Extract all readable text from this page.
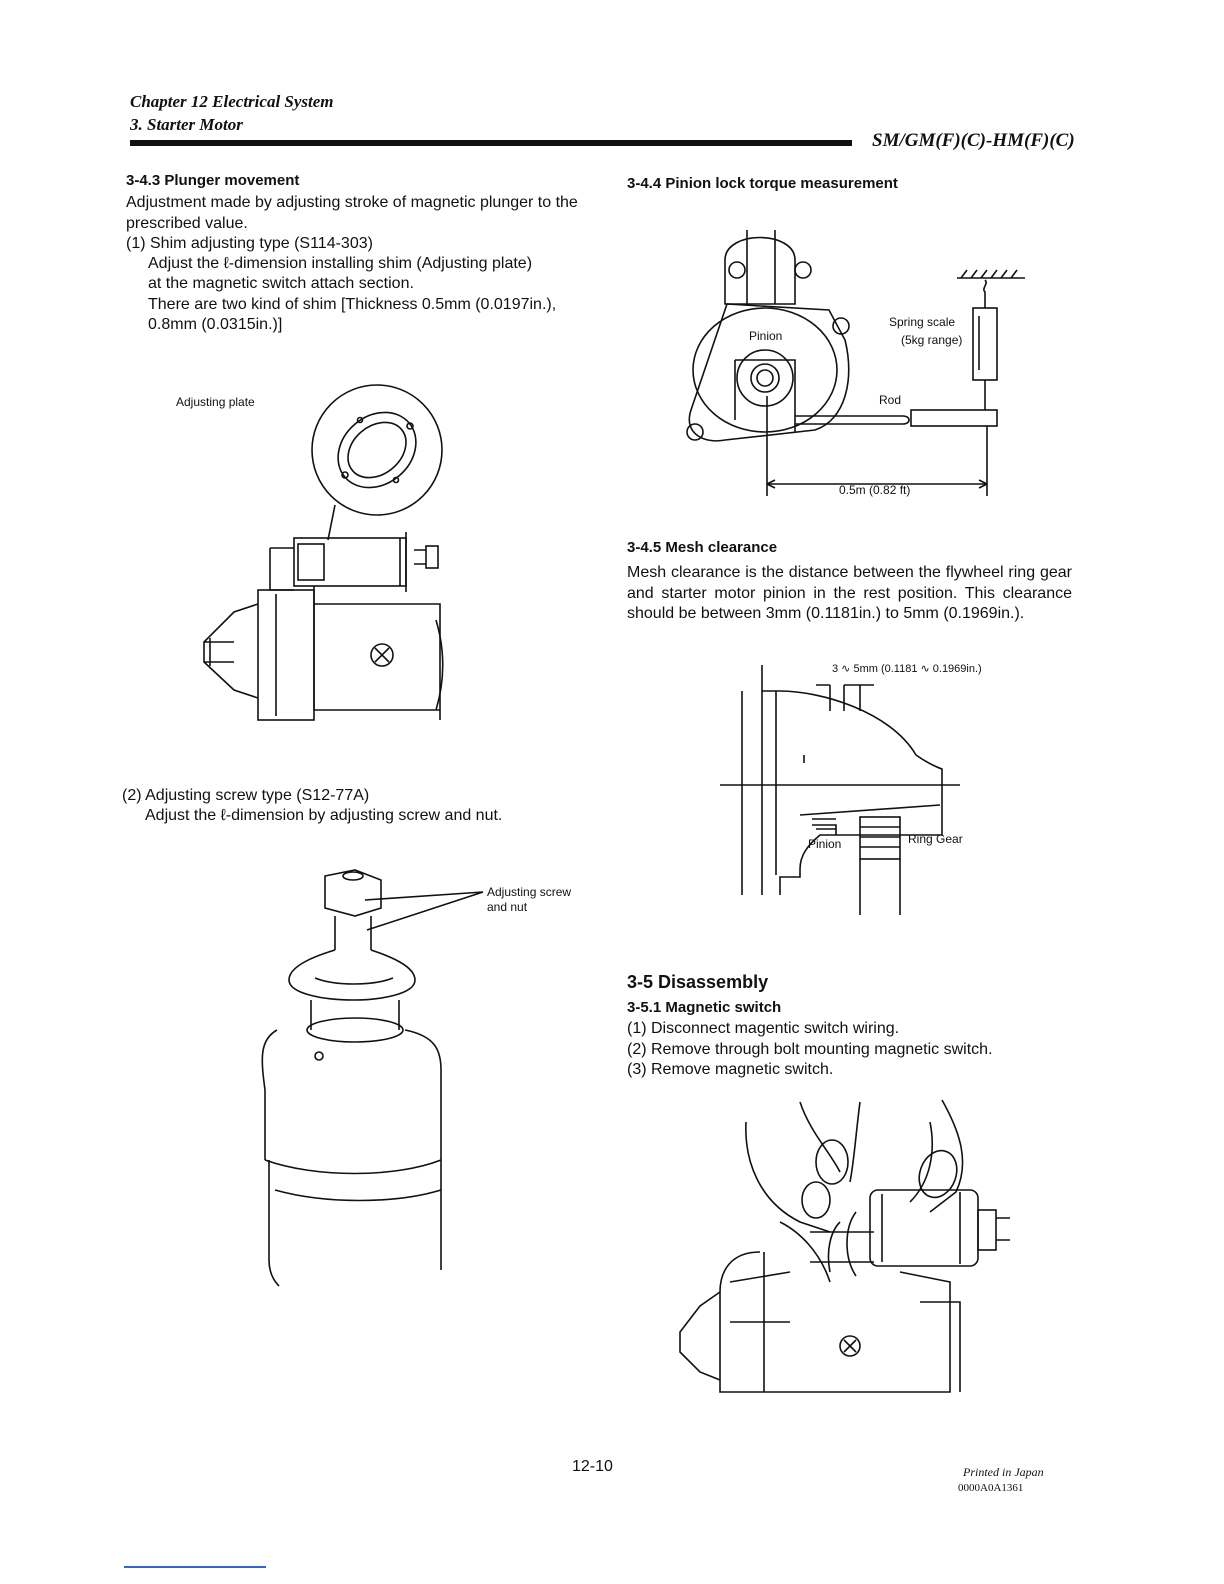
Chapter 12 Electrical System
3. Starter Motor
SM/GM(F)(C)-HM(F)(C)
3-4.3 Plunger movement
Adjustment made by adjusting stroke of magnetic plunger to the prescribed value.
(1) Shim adjusting type (S114-303)
Adjust the ℓ-dimension installing shim (Adjusting plate)
at the magnetic switch attach section.
There are two kind of shim [Thickness 0.5mm (0.0197in.),
0.8mm (0.0315in.)]
Adjusting plate
(2) Adjusting screw type (S12-77A)
Adjust the ℓ-dimension by adjusting screw and nut.
Adjusting screw
and nut
3-4.4 Pinion lock torque measurement
Pinion
Rod
Spring scale
(5kg range)
0.5m (0.82 ft)
3-4.5 Mesh clearance
Mesh clearance is the distance between the flywheel ring gear and starter motor pinion in the rest position. This clearance should be between 3mm (0.1181in.) to 5mm (0.1969in.).
3 ∿ 5mm (0.1181 ∿ 0.1969in.)
Pinion	Ring Gear
3-5 Disassembly
3-5.1 Magnetic switch
(1) Disconnect magentic switch wiring.
(2) Remove through bolt mounting magnetic switch.
(3) Remove magnetic switch.
12-10	Printed in Japan
0000A0A1361
